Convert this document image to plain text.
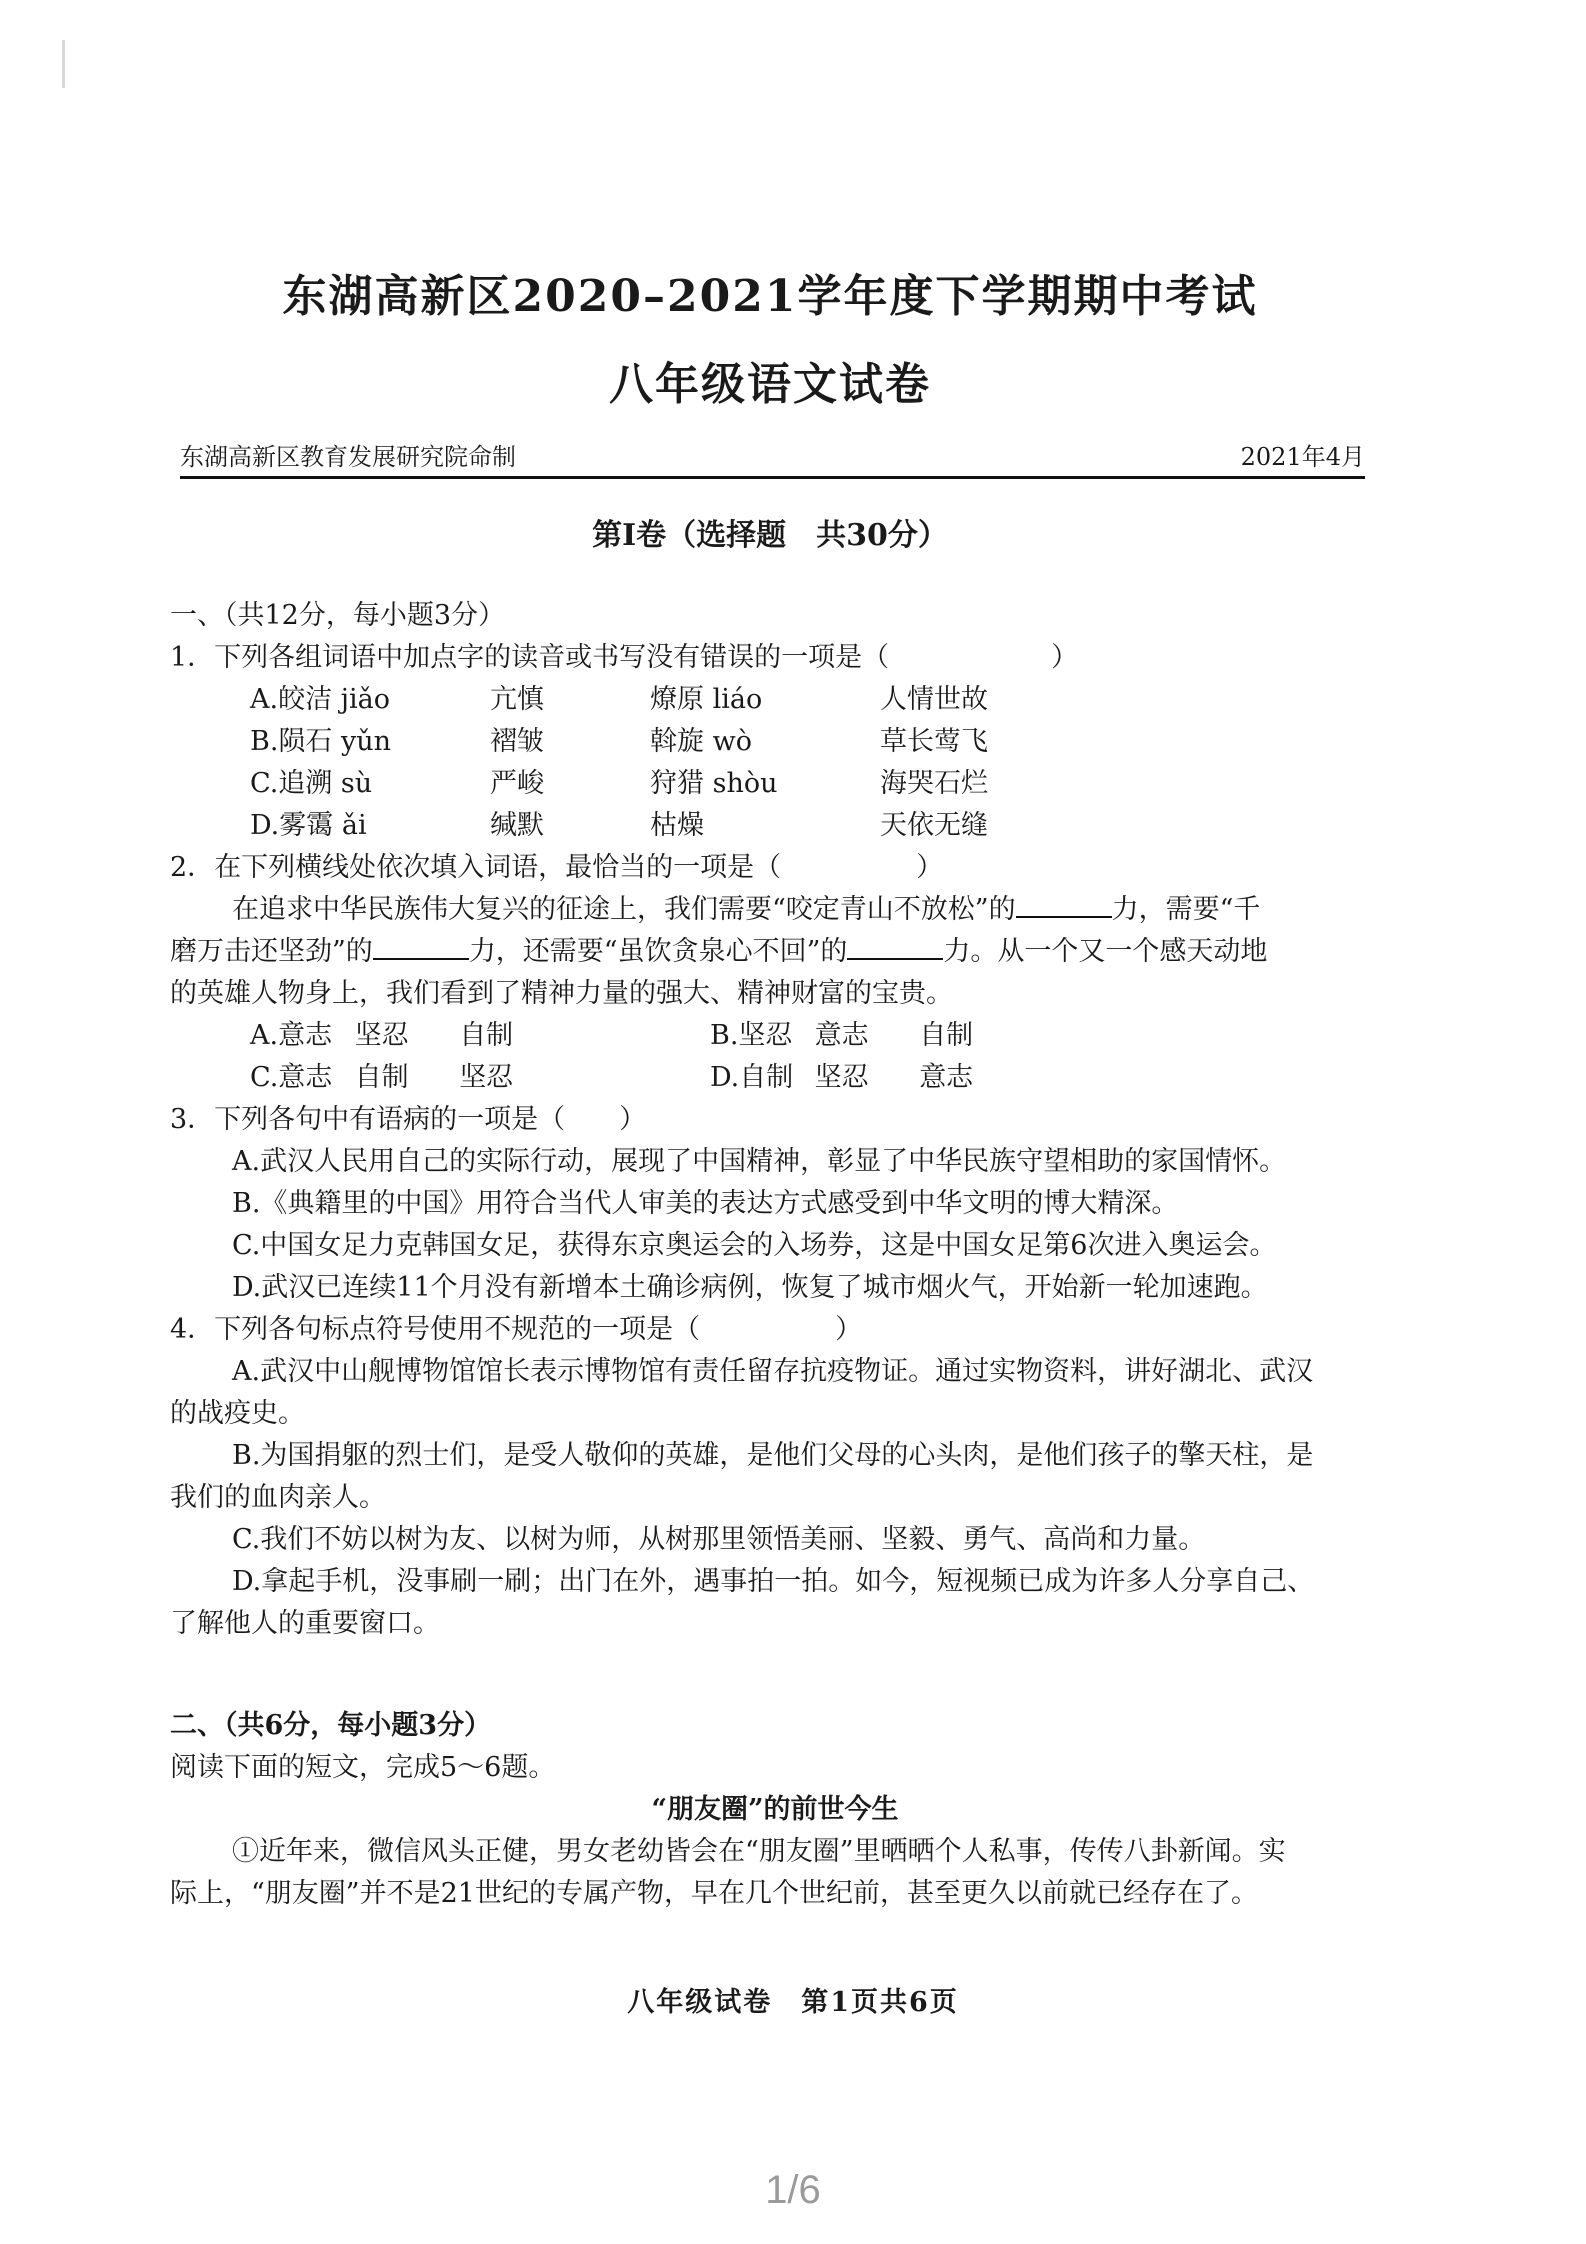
东湖高新区2020–2021学年度下学期期中考试
八年级语文试卷
东湖高新区教育发展研究院命制	2021年4月
第Ⅰ卷（选择题　共30分）
一、（共12分，每小题3分）
1．下列各组词语中加点字的读音或书写没有错误的一项是（　　　　　　）
A.皎洁 jiǎo	亢慎	燎原 liáo	人情世故
B.陨石 yǔn	褶皱	斡旋 wò	草长莺飞
C.追溯 sù	严峻	狩猎 shòu	海哭石烂
D.雾霭 ǎi	缄默	枯燥	天依无缝
2．在下列横线处依次填入词语，最恰当的一项是（　　　　　）
在追求中华民族伟大复兴的征途上，我们需要“咬定青山不放松”的	力，需要“千
磨万击还坚劲”的	力，还需要“虽饮贪泉心不回”的	力。从一个又一个感天动地
的英雄人物身上，我们看到了精神力量的强大、精神财富的宝贵。
A.意志 坚忍 自制	B.坚忍 意志 自制
C.意志 自制 坚忍	D.自制 坚忍 意志
3．下列各句中有语病的一项是（　　）
A.武汉人民用自己的实际行动，展现了中国精神，彰显了中华民族守望相助的家国情怀。
B.《典籍里的中国》用符合当代人审美的表达方式感受到中华文明的博大精深。
C.中国女足力克韩国女足，获得东京奥运会的入场券，这是中国女足第6次进入奥运会。
D.武汉已连续11个月没有新增本土确诊病例，恢复了城市烟火气，开始新一轮加速跑。
4．下列各句标点符号使用不规范的一项是（　　　　　）
A.武汉中山舰博物馆馆长表示博物馆有责任留存抗疫物证。通过实物资料，讲好湖北、武汉
的战疫史。
B.为国捐躯的烈士们，是受人敬仰的英雄，是他们父母的心头肉，是他们孩子的擎天柱，是
我们的血肉亲人。
C.我们不妨以树为友、以树为师，从树那里领悟美丽、坚毅、勇气、高尚和力量。
D.拿起手机，没事刷一刷；出门在外，遇事拍一拍。如今，短视频已成为许多人分享自己、
了解他人的重要窗口。
二、（共6分，每小题3分）
阅读下面的短文，完成5～6题。
“朋友圈”的前世今生
①近年来，微信风头正健，男女老幼皆会在“朋友圈”里晒晒个人私事，传传八卦新闻。实
际上，“朋友圈”并不是21世纪的专属产物，早在几个世纪前，甚至更久以前就已经存在了。
八年级试卷　第1页共6页
1/6
